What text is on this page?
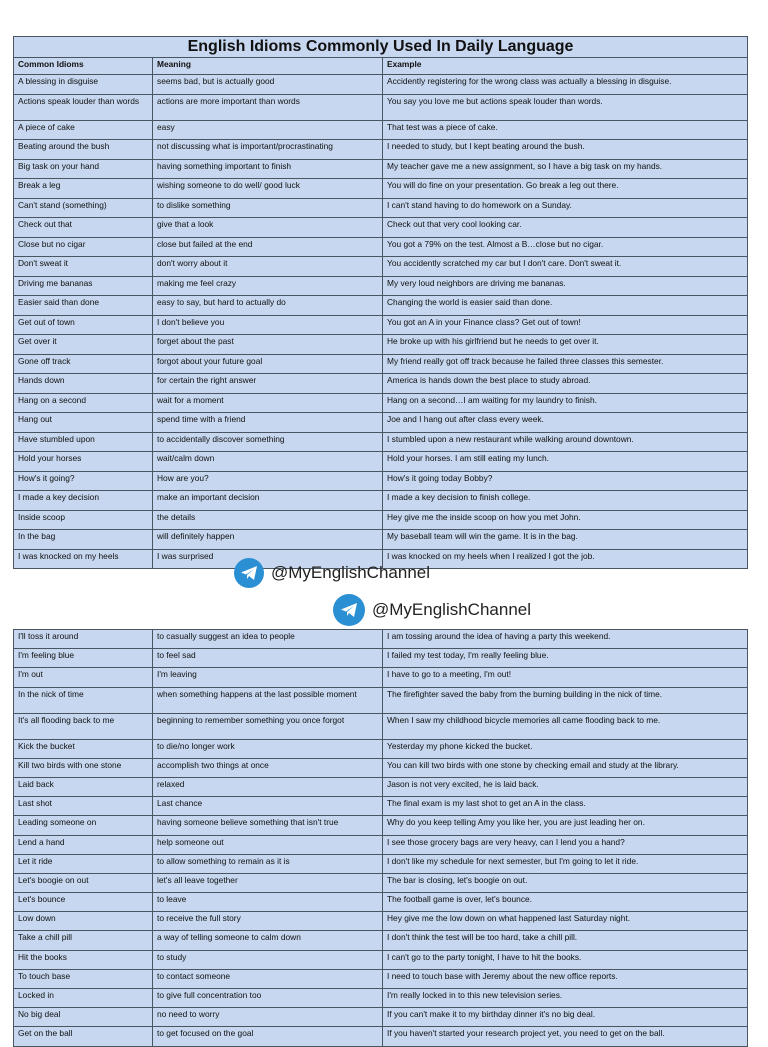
English Idioms Commonly Used In Daily Language		
Common Idioms	Meaning	Example
A blessing in disguise	seems bad, but is actually good	Accidently registering for the wrong class was actually a blessing in disguise.
Actions speak louder than words	actions are more important than words	You say you love me but actions speak louder than words.
A piece of cake	easy	That test was a piece of cake.
Beating around the bush	not discussing what is important/procrastinating	I needed to study, but I kept beating around the bush.
Big task on your hand	having something important to finish	My teacher gave me a new assignment, so I have a big task on my hands.
Break a leg	wishing someone to do well/ good luck	You will do fine on your presentation. Go break a leg out there.
Can't stand (something)	to dislike something	I can't stand having to do homework on a Sunday.
Check out that	give that a look	Check out that very cool looking car.
Close but no cigar	close but failed at the end	You got a 79% on the test. Almost a B…close but no cigar.
Don't sweat it	don't worry about it	You accidently scratched my car but I don't care. Don't sweat it.
Driving me bananas	making me feel crazy	My very loud neighbors are driving me bananas.
Easier said than done	easy to say, but hard to actually do	Changing the world is easier said than done.
Get out of town	I don't believe you	You got an A in your Finance class? Get out of town!
Get over it	forget about the past	He broke up with his girlfriend but he needs to get over it.
Gone off track	forgot about your future goal	My friend really got off track because he failed three classes this semester.
Hands down	for certain the right answer	America is hands down the best place to study abroad.
Hang on a second	wait for a moment	Hang on a second…I am waiting for my laundry to finish.
Hang out	spend time with a friend	Joe and I hang out after class every week.
Have stumbled upon	to accidentally discover something	I stumbled upon a new restaurant while walking around downtown.
Hold your horses	wait/calm down	Hold your horses. I am still eating my lunch.
How's it going?	How are you?	How's it going today Bobby?
I made a key decision	make an important decision	I made a key decision to finish college.
Inside scoop	the details	Hey give me the inside scoop on how you met John.
In the bag	will definitely happen	My baseball team will win the game. It is in the bag.
I was knocked on my heels	I was surprised	I was knocked on my heels when I realized I got the job.
@MyEnglishChannel
@MyEnglishChannel
I'll toss it around	to casually suggest an idea to people	I am tossing around the idea of having a party this weekend.
I'm feeling blue	to feel sad	I failed my test today, I'm really feeling blue.
I'm out	I'm leaving	I have to go to a meeting, I'm out!
In the nick of time	when something happens at the last possible moment	The firefighter saved the baby from the burning building in the nick of time.
It's all flooding back to me	beginning to remember something you once forgot	When I saw my childhood bicycle memories all came flooding back to me.
Kick the bucket	to die/no longer work	Yesterday my phone kicked the bucket.
Kill two birds with one stone	accomplish two things at once	You can kill two birds with one stone by checking email and study at the library.
Laid back	relaxed	Jason is not very excited, he is laid back.
Last shot	Last chance	The final exam is my last shot to get an A in the class.
Leading someone on	having someone believe something that isn't true	Why do you keep telling Amy you like her, you are just leading her on.
Lend a hand	help someone out	I see those grocery bags are very heavy, can I lend you a hand?
Let it ride	to allow something to remain as it is	I don't like my schedule for next semester, but I'm going to let it ride.
Let's boogie on out	let's all leave together	The bar is closing, let's boogie on out.
Let's bounce	to leave	The football game is over, let's bounce.
Low down	to receive the full story	Hey give me the low down on what happened last Saturday night.
Take a chill pill	a way of telling someone to calm down	I don't think the test will be too hard, take a chill pill.
Hit the books	to study	I can't go to the party tonight, I have to hit the books.
To touch base	to contact someone	I need to touch base with Jeremy about the new office reports.
Locked in	to give full concentration too	I'm really locked in to this new television series.
No big deal	no need to worry	If you can't make it to my birthday dinner it's no big deal.
Get on the ball	to get focused on the goal	If you haven't started your research project yet, you need to get on the ball.
